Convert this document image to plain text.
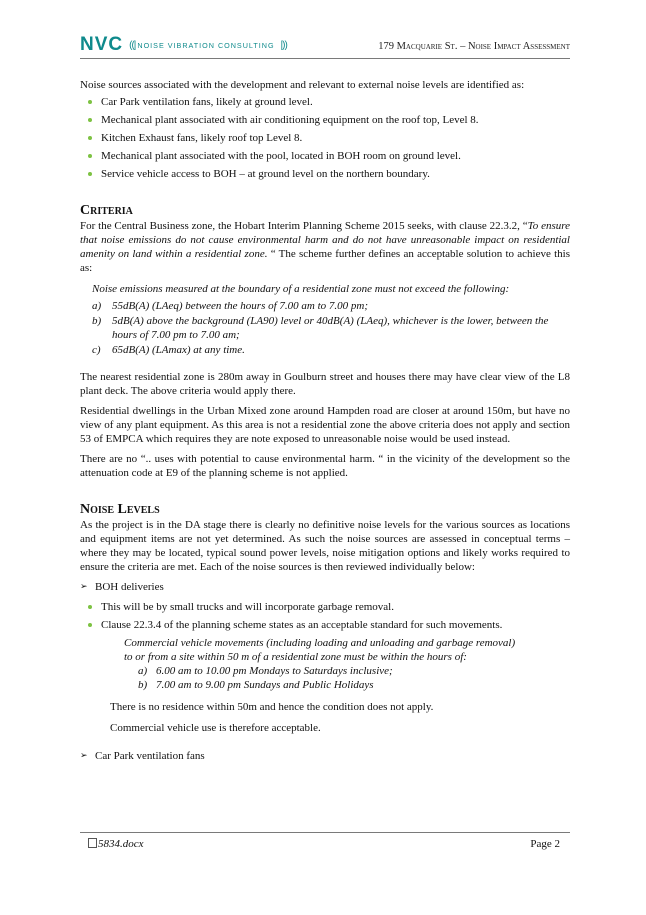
NVC ((| NOISE VIBRATION CONSULTING |))	179 Macquarie St. – Noise Impact Assessment

Noise sources associated with the development and relevant to external noise levels are identified as:

Car Park ventilation fans, likely at ground level.
Mechanical plant associated with air conditioning equipment on the roof top, Level 8.
Kitchen Exhaust fans, likely roof top Level 8.
Mechanical plant associated with the pool, located in BOH room on ground level.
Service vehicle access to BOH – at ground level on the northern boundary.
Criteria

For the Central Business zone, the Hobart Interim Planning Scheme 2015 seeks, with clause 22.3.2, “To ensure that noise emissions do not cause environmental harm and do not have unreasonable impact on residential amenity on land within a residential zone. “ The scheme further defines an acceptable solution to achieve this as:

Noise emissions measured at the boundary of a residential zone must not exceed the following:
a) 55dB(A) (LAeq) between the hours of 7.00 am to 7.00 pm;
b) 5dB(A) above the background (LA90) level or 40dB(A) (LAeq), whichever is the lower, between the hours of 7.00 pm to 7.00 am;
c) 65dB(A) (LAmax) at any time.

The nearest residential zone is 280m away in Goulburn street and houses there may have clear view of the L8 plant deck. The above criteria would apply there.

Residential dwellings in the Urban Mixed zone around Hampden road are closer at around 150m, but have no view of any plant equipment. As this area is not a residential zone the above criteria does not apply and section 53 of EMPCA which requires they are note exposed to unreasonable noise would be used instead.

There are no “.. uses with potential to cause environmental harm. “ in the vicinity of the development so the attenuation code at E9 of the planning scheme is not applied.

Noise Levels

As the project is in the DA stage there is clearly no definitive noise levels for the various sources as locations and equipment items are not yet determined. As such the noise sources are assessed in conceptual terms – where they may be located, typical sound power levels, noise mitigation options and likely works required to ensure the criteria are met. Each of the noise sources is then reviewed individually below:

➢ BOH deliveries
This will be by small trucks and will incorporate garbage removal.
Clause 22.3.4 of the planning scheme states as an acceptable standard for such movements.
Commercial vehicle movements (including loading and unloading and garbage removal) to or from a site within 50 m of a residential zone must be within the hours of:
a) 6.00 am to 10.00 pm Mondays to Saturdays inclusive;
b) 7.00 am to 9.00 pm Sundays and Public Holidays

There is no residence within 50m and hence the condition does not apply.

Commercial vehicle use is therefore acceptable.

➢ Car Park ventilation fans
5834.docx	Page 2
